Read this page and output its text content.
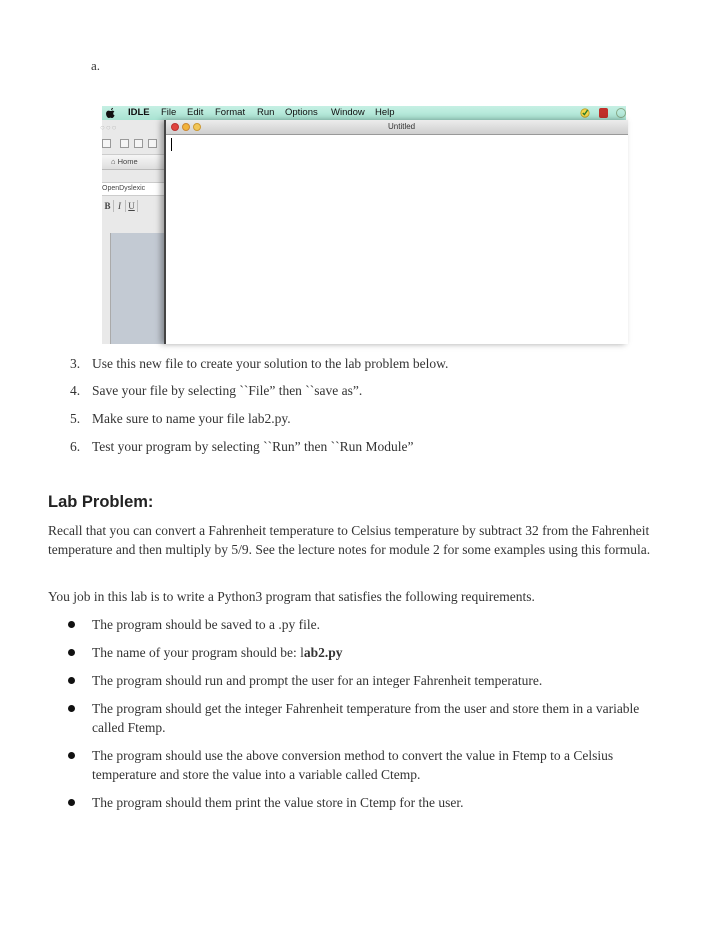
a.
IDLE File Edit Format Run Options Window Help
○○○
⌂ Home
OpenDyslexic
B I U
Untitled
3. Use this new file to create your solution to the lab problem below.
4. Save your file by selecting ``File” then ``save as”.
5. Make sure to name your file lab2.py.
6. Test your program by selecting ``Run” then ``Run Module”
Lab Problem:
Recall that you can convert a Fahrenheit temperature to Celsius temperature by subtract 32 from the Fahrenheit temperature and then multiply by 5/9. See the lecture notes for module 2 for some examples using this formula.
You job in this lab is to write a Python3 program that satisfies the following requirements.
The program should be saved to a .py file.
The name of your program should be: lab2.py
The program should run and prompt the user for an integer Fahrenheit temperature.
The program should get the integer Fahrenheit temperature from the user and store them in a variable called Ftemp.
The program should use the above conversion method to convert the value in Ftemp to a Celsius temperature and store the value into a variable called Ctemp.
The program should them print the value store in Ctemp for the user.
